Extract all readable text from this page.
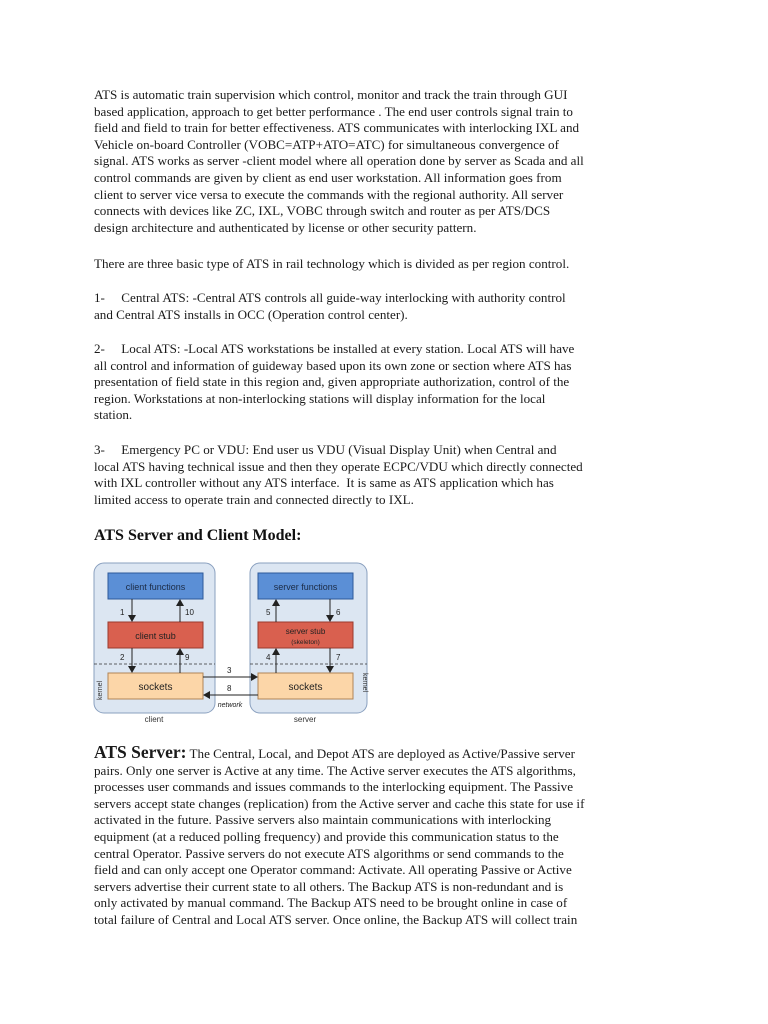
ATS is automatic train supervision which control, monitor and track the train through GUI
based application, approach to get better performance . The end user controls signal train to
field and field to train for better effectiveness. ATS communicates with interlocking IXL and
Vehicle on-board Controller (VOBC=ATP+ATO=ATC) for simultaneous convergence of
signal. ATS works as server -client model where all operation done by server as Scada and all
control commands are given by client as end user workstation. All information goes from
client to server vice versa to execute the commands with the regional authority. All server
connects with devices like ZC, IXL, VOBC through switch and router as per ATS/DCS
design architecture and authenticated by license or other security pattern.

There are three basic type of ATS in rail technology which is divided as per region control.

1-     Central ATS: -Central ATS controls all guide-way interlocking with authority control
and Central ATS installs in OCC (Operation control center).

2-     Local ATS: -Local ATS workstations be installed at every station. Local ATS will have
all control and information of guideway based upon its own zone or section where ATS has
presentation of field state in this region and, given appropriate authorization, control of the
region. Workstations at non-interlocking stations will display information for the local
station.

3-     Emergency PC or VDU: End user us VDU (Visual Display Unit) when Central and
local ATS having technical issue and then they operate ECPC/VDU which directly connected
with IXL controller without any ATS interface.  It is same as ATS application which has
limited access to operate train and connected directly to IXL.

ATS Server and Client Model:
client functions
client stub
sockets
kernel
client
1	10
2	9
server functions
server stub
(skeleton)
sockets	kernel
server
5	6
4	7
3
8
network

ATS Server: The Central, Local, and Depot ATS are deployed as Active/Passive server
pairs. Only one server is Active at any time. The Active server executes the ATS algorithms,
processes user commands and issues commands to the interlocking equipment. The Passive
servers accept state changes (replication) from the Active server and cache this state for use if
activated in the future. Passive servers also maintain communications with interlocking
equipment (at a reduced polling frequency) and provide this communication status to the
central Operator. Passive servers do not execute ATS algorithms or send commands to the
field and can only accept one Operator command: Activate. All operating Passive or Active
servers advertise their current state to all others. The Backup ATS is non-redundant and is
only activated by manual command. The Backup ATS need to be brought online in case of
total failure of Central and Local ATS server. Once online, the Backup ATS will collect train
